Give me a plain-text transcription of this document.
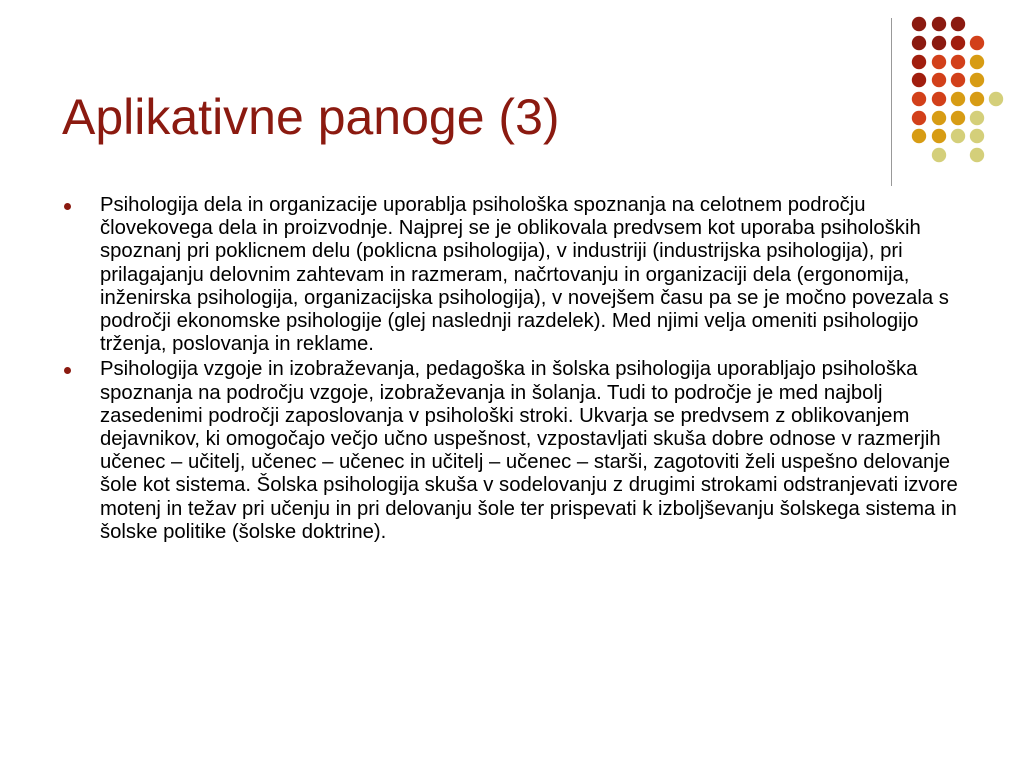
Aplikativne panoge (3)
Psihologija dela in organizacije uporablja psihološka spoznanja na celotnem področju človekovega dela in proizvodnje. Najprej se je oblikovala predvsem kot uporaba psiholoških spoznanj pri poklicnem delu (poklicna psihologija), v industriji (industrijska psihologija), pri prilagajanju delovnim zahtevam in razmeram, načrtovanju in organizaciji dela (ergonomija, inženirska psihologija, organizacijska psihologija), v novejšem času pa se je močno povezala s področji ekonomske psihologije (glej naslednji razdelek). Med njimi velja omeniti psihologijo trženja, poslovanja in reklame.
Psihologija vzgoje in izobraževanja, pedagoška in šolska psihologija uporabljajo psihološka spoznanja na področju vzgoje, izobraževanja in šolanja. Tudi to področje je med najbolj zasedenimi področji zaposlovanja v psihološki stroki. Ukvarja se predvsem z oblikovanjem dejavnikov, ki omogočajo večjo učno uspešnost, vzpostavljati skuša dobre odnose v razmerjih učenec – učitelj, učenec – učenec in učitelj – učenec – starši, zagotoviti želi uspešno delovanje šole kot sistema. Šolska psihologija skuša v sodelovanju z drugimi strokami odstranjevati izvore motenj in težav pri učenju in pri delovanju šole ter prispevati k izboljševanju šolskega sistema in šolske politike (šolske doktrine).
